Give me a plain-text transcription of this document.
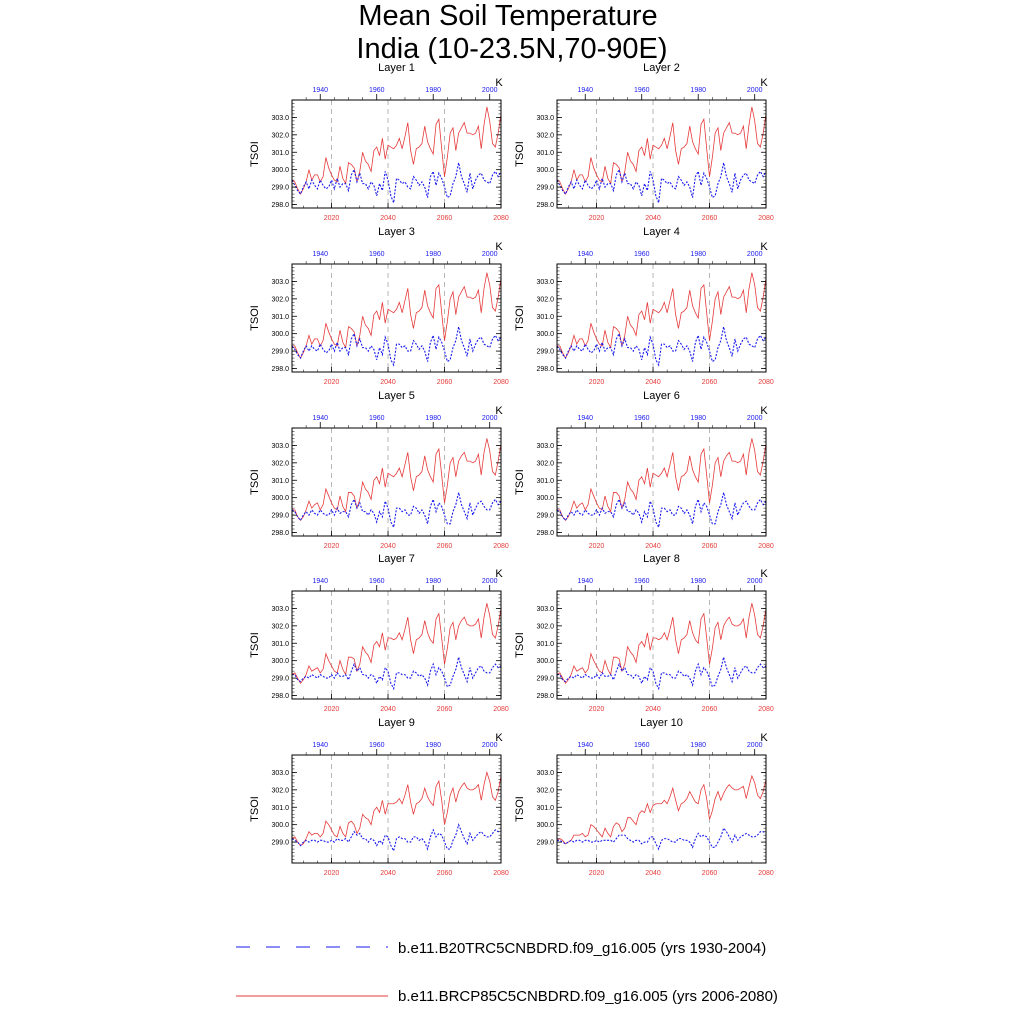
Mean Soil Temperature
India (10-23.5N,70-90E)
Layer 1
K
TSOI
298.0
299.0
300.0
301.0
302.0
303.0
2020	2040	2060	2080
1940	1960	1980	2000
Layer 2
K
TSOI
298.0
299.0
300.0
301.0
302.0
303.0
2020	2040	2060	2080
1940	1960	1980	2000
Layer 3
K
TSOI
298.0
299.0
300.0
301.0
302.0
303.0
2020	2040	2060	2080
1940	1960	1980	2000
Layer 4
K
TSOI
298.0
299.0
300.0
301.0
302.0
303.0
2020	2040	2060	2080
1940	1960	1980	2000
Layer 5
K
TSOI
298.0
299.0
300.0
301.0
302.0
303.0
2020	2040	2060	2080
1940	1960	1980	2000
Layer 6
K
TSOI
298.0
299.0
300.0
301.0
302.0
303.0
2020	2040	2060	2080
1940	1960	1980	2000
Layer 7
K
TSOI
298.0
299.0
300.0
301.0
302.0
303.0
2020	2040	2060	2080
1940	1960	1980	2000
Layer 8
K
TSOI
298.0
299.0
300.0
301.0
302.0
303.0
2020	2040	2060	2080
1940	1960	1980	2000
Layer 9
K
TSOI
299.0
300.0
301.0
302.0
303.0
2020	2040	2060	2080
1940	1960	1980	2000
Layer 10
K
TSOI
299.0
300.0
301.0
302.0
303.0
2020	2040	2060	2080
1940	1960	1980	2000
b.e11.B20TRC5CNBDRD.f09_g16.005 (yrs 1930-2004)
b.e11.BRCP85C5CNBDRD.f09_g16.005 (yrs 2006-2080)
